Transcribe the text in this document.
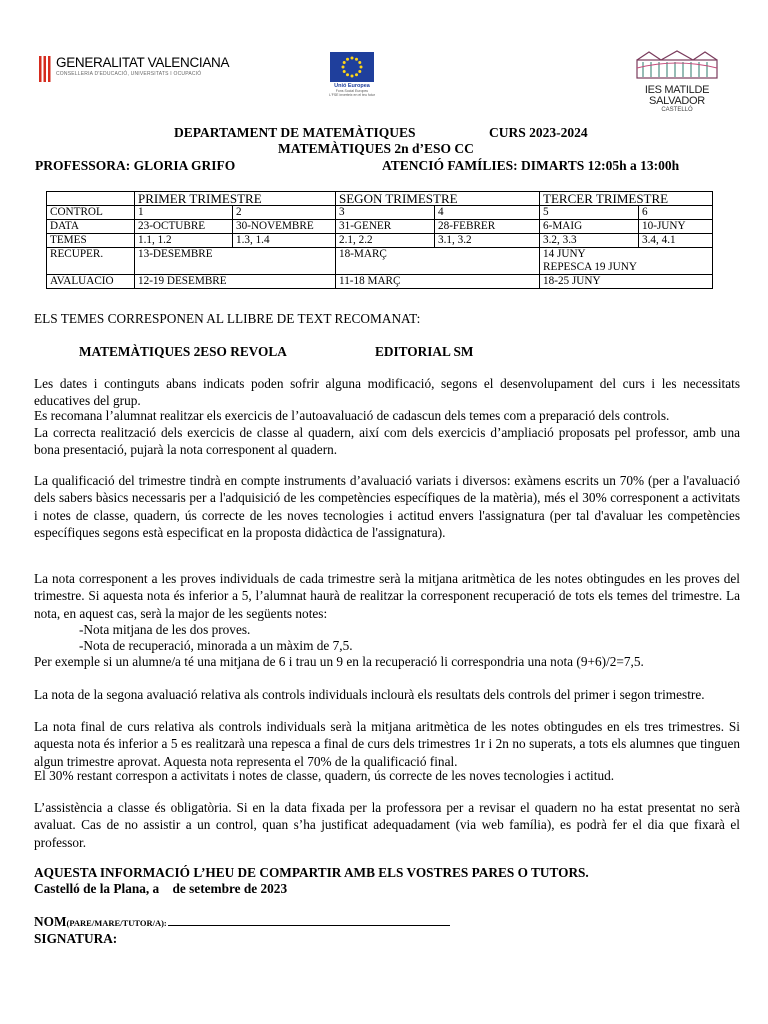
GENERALITAT VALENCIANA
CONSELLERIA D'EDUCACIÓ, UNIVERSITATS I OCUPACIÓ
Unió Europea
Fons Social Europeu
L'FSE inverteix en el teu futur	IES MATILDE SALVADOR
CASTELLÓ
DEPARTAMENT DE MATEMÀTIQUES	CURS 2023-2024
MATEMÀTIQUES 2n d’ESO CC
PROFESSORA: GLORIA GRIFO	ATENCIÓ FAMÍLIES: DIMARTS 12:05h a 13:00h
	PRIMER TRIMESTRE		SEGON TRIMESTRE		TERCER TRIMESTRE	
CONTROL	1	2	3	4	5	6
DATA	23-OCTUBRE	30-NOVEMBRE	31-GENER	28-FEBRER	6-MAIG	10-JUNY
TEMES	1.1, 1.2	1.3, 1.4	2.1, 2.2	3.1, 3.2	3.2, 3.3	3.4, 4.1
RECUPER.	13-DESEMBRE		18-MARÇ		14 JUNY
REPESCA 19 JUNY	

AVALUACIO	12-19 DESEMBRE		11-18 MARÇ		18-25 JUNY	

ELS TEMES CORRESPONEN AL LLIBRE DE TEXT RECOMANAT:

MATEMÀTIQUES 2ESO REVOLA	EDITORIAL SM

Les dates i continguts abans indicats poden sofrir alguna modificació, segons el desenvolupament del curs i les necessitats educatives del grup.

Es recomana l’alumnat realitzar els exercicis de l’autoavaluació de cadascun dels temes com a preparació dels controls.

La correcta realització dels exercicis de classe al quadern, així com dels exercicis d’ampliació proposats pel professor, amb una bona presentació, pujarà la nota corresponent al quadern.

La qualificació del trimestre tindrà en compte instruments d’avaluació variats i diversos: exàmens escrits un 70% (per a l'avaluació dels sabers bàsics necessaris per a l'adquisició de les competències específiques de la matèria), més el 30% corresponent a activitats i notes de classe, quadern, ús correcte de les noves tecnologies i actitud envers l'assignatura (per tal d'avaluar les competències específiques segons està especificat en la proposta didàctica de l'assignatura).

La nota corresponent a les proves individuals de cada trimestre serà la mitjana aritmètica de les notes obtingudes en les proves del trimestre. Si aquesta nota és inferior a 5, l’alumnat haurà de realitzar la corresponent recuperació de tots els temes del trimestre. La nota, en aquest cas, serà la major de les següents notes:

-Nota mitjana de les dos proves.

-Nota de recuperació, minorada a un màxim de 7,5.

Per exemple si un alumne/a té una mitjana de 6 i trau un 9 en la recuperació li correspondria una nota (9+6)/2=7,5.

La nota de la segona avaluació relativa als controls individuals inclourà els resultats dels controls del primer i segon trimestre.

La nota final de curs relativa als controls individuals serà la mitjana aritmètica de les notes obtingudes en els tres trimestres. Si aquesta nota és inferior a 5 es realitzarà una repesca a final de curs dels trimestres 1r i 2n no superats, a tots els alumnes que tinguen algun trimestre aprovat. Aquesta nota representa el 70% de la qualificació final.

El 30% restant correspon a activitats i notes de classe, quadern, ús correcte de les noves tecnologies i actitud.

L’assistència a classe és obligatòria. Si en la data fixada per la professora per a revisar el quadern no ha estat presentat no serà avaluat. Cas de no assistir a un control, quan s’ha justificat adequadament (via web família), es podrà fer el dia que fixarà el professor.

AQUESTA INFORMACIÓ L’HEU DE COMPARTIR AMB ELS VOSTRES PARES O TUTORS.

Castelló de la Plana, a    de setembre de 2023

NOM(PARE/MARE/TUTOR/A):

SIGNATURA:
